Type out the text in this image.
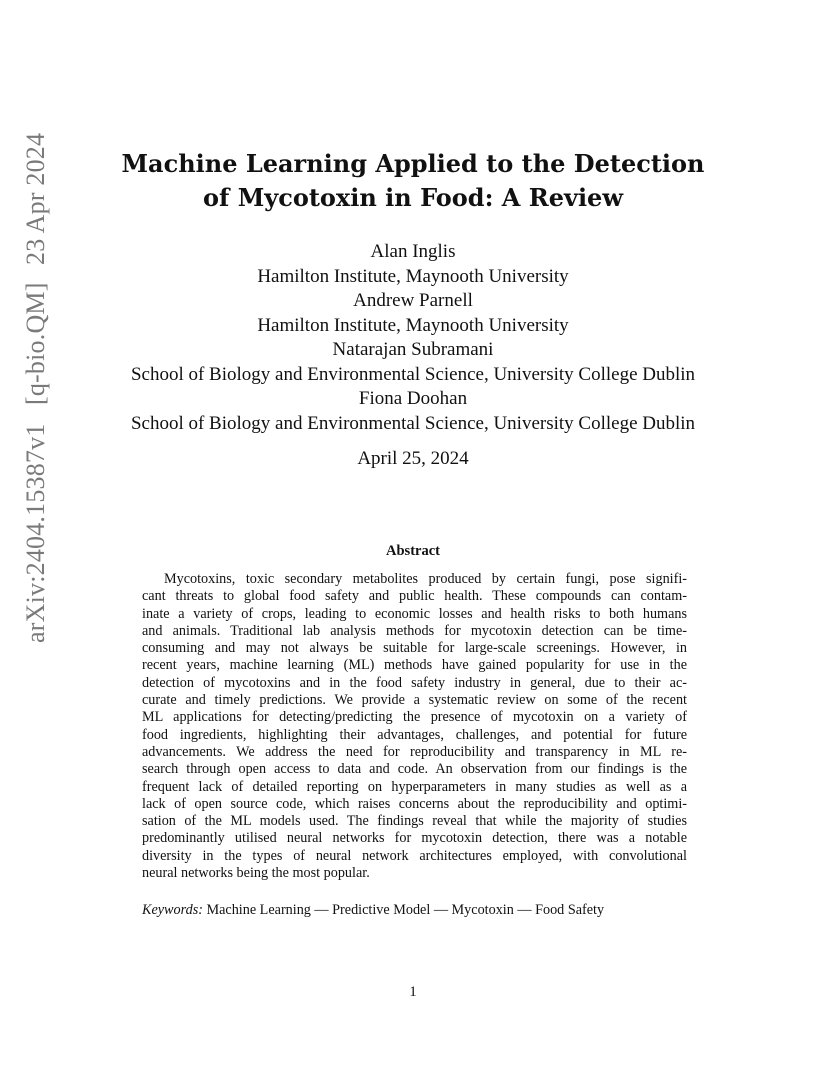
arXiv:2404.15387v1
[q-bio.QM]
23 Apr 2024	Machine Learning Applied to the Detection
of Mycotoxin in Food: A Review
Alan Inglis
Hamilton Institute, Maynooth University
Andrew Parnell
Hamilton Institute, Maynooth University
Natarajan Subramani
School of Biology and Environmental Science, University College Dublin
Fiona Doohan
School of Biology and Environmental Science, University College Dublin
April 25, 2024
Abstract
Mycotoxins, toxic secondary metabolites produced by certain fungi, pose signifi-
cant threats to global food safety and public health. These compounds can contam-
inate a variety of crops, leading to economic losses and health risks to both humans
and animals. Traditional lab analysis methods for mycotoxin detection can be time-
consuming and may not always be suitable for large-scale screenings. However, in
recent years, machine learning (ML) methods have gained popularity for use in the
detection of mycotoxins and in the food safety industry in general, due to their ac-
curate and timely predictions. We provide a systematic review on some of the recent
ML applications for detecting/predicting the presence of mycotoxin on a variety of
food ingredients, highlighting their advantages, challenges, and potential for future
advancements. We address the need for reproducibility and transparency in ML re-
search through open access to data and code. An observation from our findings is the
frequent lack of detailed reporting on hyperparameters in many studies as well as a
lack of open source code, which raises concerns about the reproducibility and optimi-
sation of the ML models used. The findings reveal that while the majority of studies
predominantly utilised neural networks for mycotoxin detection, there was a notable
diversity in the types of neural network architectures employed, with convolutional
neural networks being the most popular.
Keywords: Machine Learning — Predictive Model — Mycotoxin — Food Safety
1
